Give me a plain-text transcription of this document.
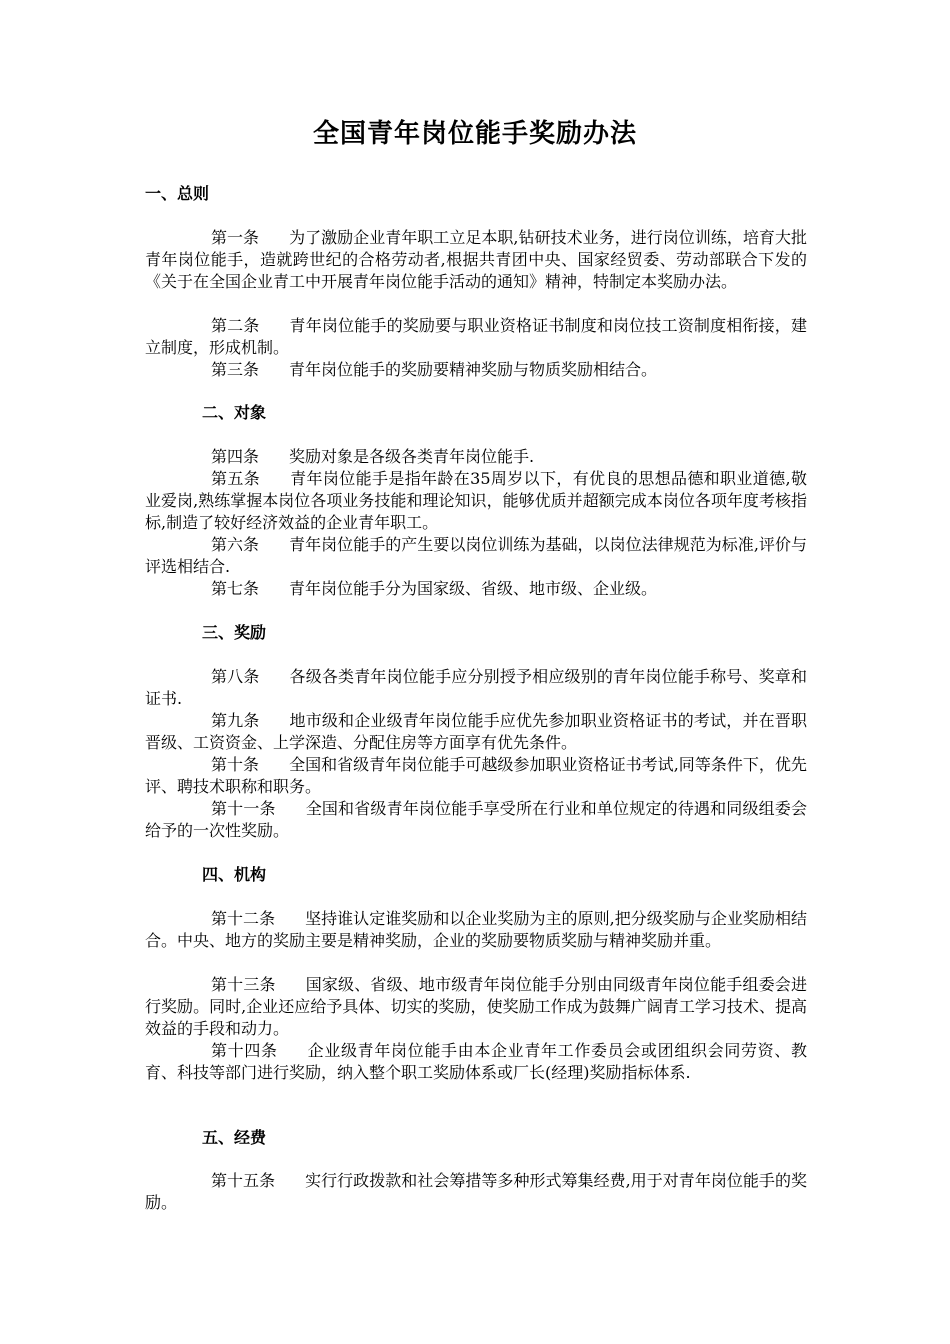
全国青年岗位能手奖励办法
一、总则

第一条 为了激励企业青年职工立足本职,钻研技术业务，进行岗位训练，培育大批青年岗位能手，造就跨世纪的合格劳动者,根据共青团中央、国家经贸委、劳动部联合下发的《关于在全国企业青工中开展青年岗位能手活动的通知》精神，特制定本奖励办法。

第二条 青年岗位能手的奖励要与职业资格证书制度和岗位技工资制度相衔接，建立制度，形成机制。

第三条 青年岗位能手的奖励要精神奖励与物质奖励相结合。

二、对象

第四条 奖励对象是各级各类青年岗位能手.

第五条 青年岗位能手是指年龄在35周岁以下，有优良的思想品德和职业道德,敬业爱岗,熟练掌握本岗位各项业务技能和理论知识，能够优质并超额完成本岗位各项年度考核指标,制造了较好经济效益的企业青年职工。

第六条 青年岗位能手的产生要以岗位训练为基础，以岗位法律规范为标准,评价与评选相结合.

第七条 青年岗位能手分为国家级、省级、地市级、企业级。

三、奖励

第八条 各级各类青年岗位能手应分别授予相应级别的青年岗位能手称号、奖章和证书.

第九条 地市级和企业级青年岗位能手应优先参加职业资格证书的考试，并在晋职晋级、工资资金、上学深造、分配住房等方面享有优先条件。

第十条 全国和省级青年岗位能手可越级参加职业资格证书考试,同等条件下，优先评、聘技术职称和职务。

第十一条 全国和省级青年岗位能手享受所在行业和单位规定的待遇和同级组委会给予的一次性奖励。

四、机构

第十二条 坚持谁认定谁奖励和以企业奖励为主的原则,把分级奖励与企业奖励相结合。中央、地方的奖励主要是精神奖励，企业的奖励要物质奖励与精神奖励并重。

第十三条 国家级、省级、地市级青年岗位能手分别由同级青年岗位能手组委会进行奖励。同时,企业还应给予具体、切实的奖励，使奖励工作成为鼓舞广阔青工学习技术、提高效益的手段和动力。

第十四条 企业级青年岗位能手由本企业青年工作委员会或团组织会同劳资、教育、科技等部门进行奖励，纳入整个职工奖励体系或厂长(经理)奖励指标体系.

五、经费

第十五条 实行行政拨款和社会筹措等多种形式筹集经费,用于对青年岗位能手的奖励。
